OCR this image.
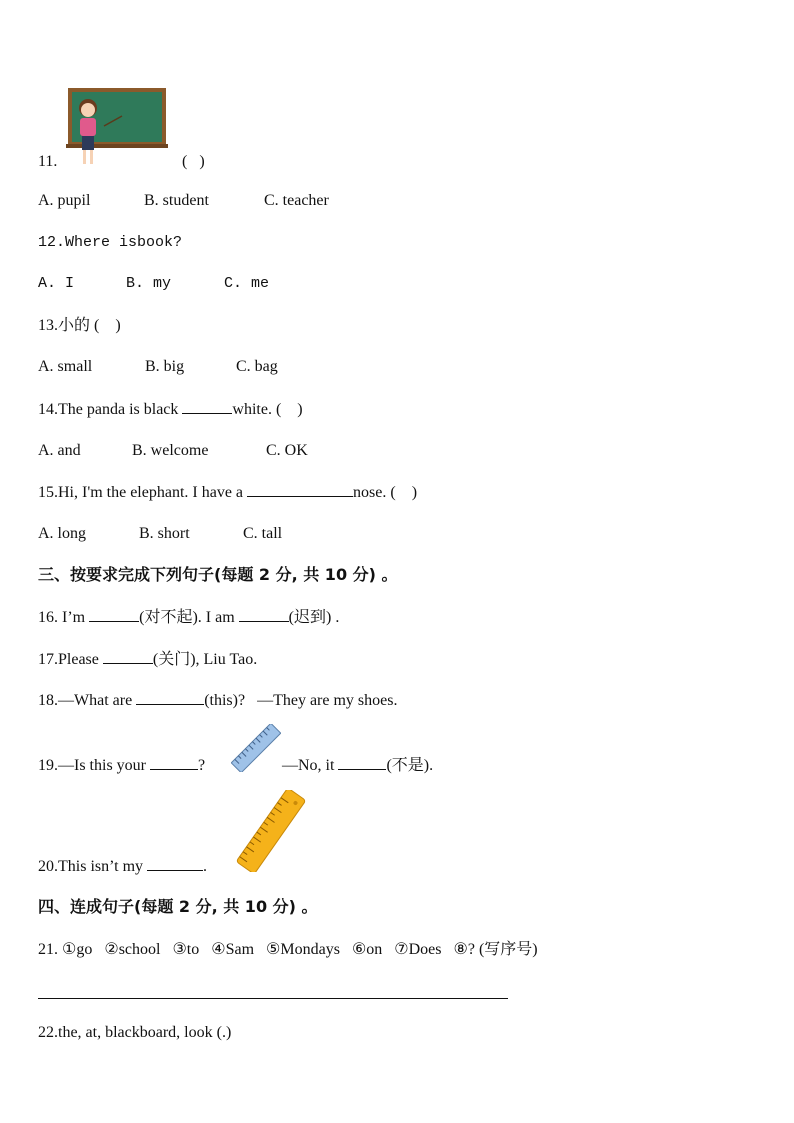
11.	(   )
A. pupil	B. student	C. teacher
12.Where isbook?
A. I	B. my	C. me
13.小的 (    )
A. small	B. big	C. bag
14.The panda is black	white. (    )
A. and	B. welcome	C. OK
15.Hi, I'm the elephant. I have a	nose. (    )
A. long	B. short	C. tall
三、按要求完成下列句子(每题 2 分, 共 10 分) 。
16. I’m	(对不起). I am	(迟到) .
17.Please	(关门), Liu Tao.
18.—What are	(this)?   —They are my shoes.
19.—Is this your	?	—No, it	(不是).
20.This isn’t my	.
四、连成句子(每题 2 分, 共 10 分) 。
21. ①go   ②school   ③to   ④Sam   ⑤Mondays   ⑥on   ⑦Does   ⑧? (写序号)
22.the, at, blackboard, look (.)
